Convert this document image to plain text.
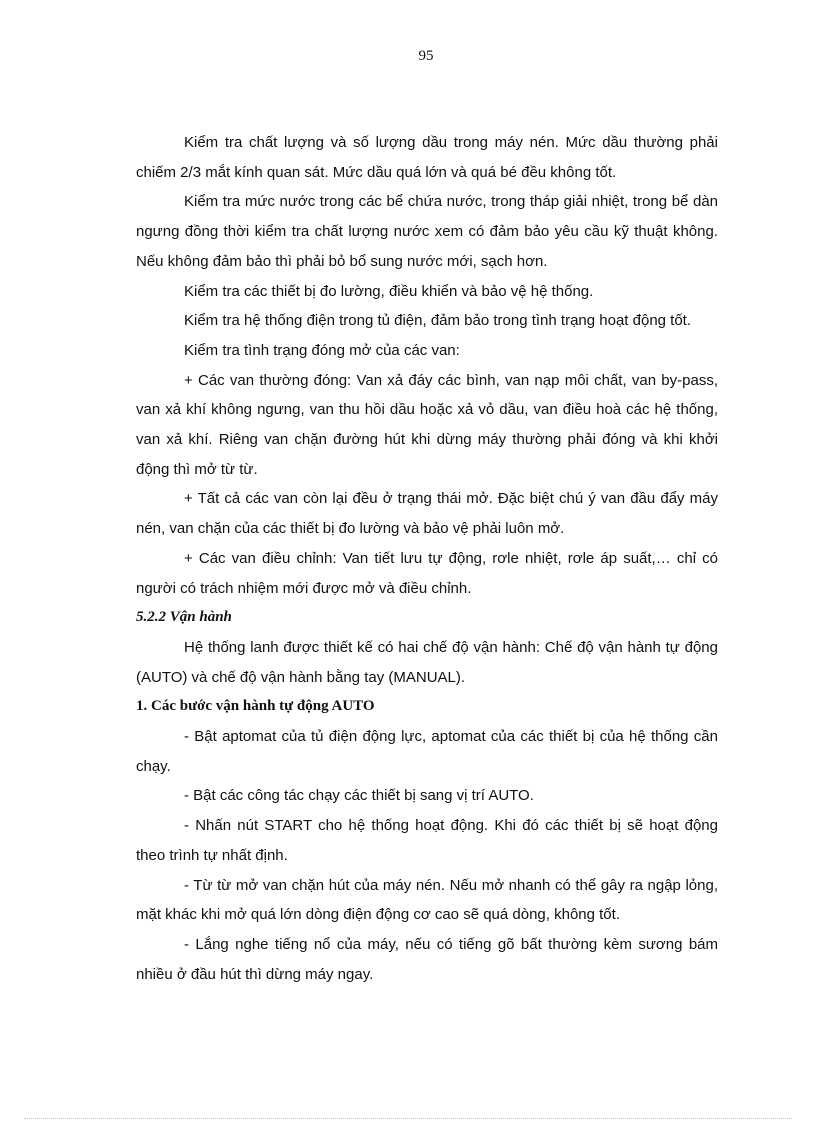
95

Kiểm tra chất lượng và số lượng dầu trong máy nén. Mức dầu thường phải chiếm 2/3 mắt kính quan sát. Mức dầu quá lớn và quá bé đều không tốt.

Kiểm tra mức nước trong các bể chứa nước, trong tháp giải nhiệt, trong bể dàn ngưng đồng thời kiểm tra chất lượng nước xem có đảm bảo yêu cầu kỹ thuật không. Nếu không đảm bảo thì phải bỏ bổ sung nước mới, sạch hơn.

Kiểm tra các thiết bị đo lường, điều khiển và bảo vệ hệ thống.

Kiểm tra hệ thống điện trong tủ điện, đảm bảo trong tình trạng hoạt động tốt.

Kiểm tra tình trạng đóng mở của các van:

+ Các van thường đóng: Van xả đáy các bình, van nạp môi chất, van by-pass, van xả khí không ngưng, van thu hồi dầu hoặc xả vỏ dầu, van điều hoà các hệ thống, van xả khí. Riêng van chặn đường hút khi dừng máy thường phải đóng và khi khởi động thì mở từ từ.

+ Tất cả các van còn lại đều ở trạng thái mở. Đặc biệt chú ý van đầu đẩy máy nén, van chặn của các thiết bị đo lường và bảo vệ phải luôn mở.

+ Các van điều chỉnh: Van tiết lưu tự động, rơle nhiệt, rơle áp suất,… chỉ có người có trách nhiệm mới được mở và điều chỉnh.

5.2.2 Vận hành

Hệ thống lanh được thiết kế có hai chế độ vận hành: Chế độ vận hành tự động (AUTO) và chế độ vận hành bằng tay (MANUAL).

1. Các bước vận hành tự động AUTO

- Bật aptomat của tủ điện động lực, aptomat của các thiết bị của hệ thống cần chạy.

- Bật các công tác chạy các thiết bị sang vị trí AUTO.

- Nhấn nút START cho hệ thống hoạt động. Khi đó các thiết bị sẽ hoạt động theo trình tự nhất định.

- Từ từ mở van chặn hút của máy nén. Nếu mở nhanh có thể gây ra ngập lỏng, mặt khác khi mở quá lớn dòng điện động cơ cao sẽ quá dòng, không tốt.

- Lắng nghe tiếng nổ của máy, nếu có tiếng gõ bất thường kèm sương bám nhiều ở đầu hút thì dừng máy ngay.
